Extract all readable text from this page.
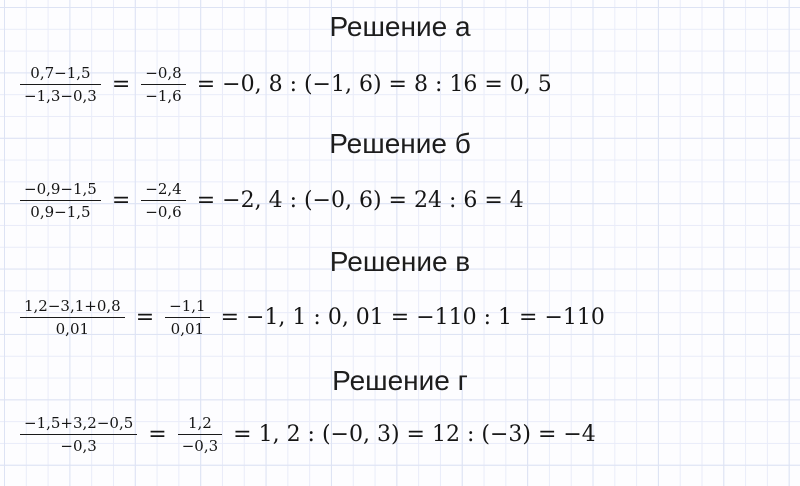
Решение а
$\frac{0,7-1,5}{-1,3-0,3} = \frac{-0,8}{-1,6} = -0$, 8 : (−1, 6) = 8 : 16 = 0, 5
Решение б
$\frac{-0,9-1,5}{0,9-1,5} = \frac{-2,4}{-0,6} = -2$, 4 : (−0, 6) = 24 : 6 = 4
Решение в
$\frac{1,2-3,1+0,8}{0,01} = \frac{-1,1}{0,01} = -1$, 1 : 0, 01 = −110 : 1 = −110
Решение г
$\frac{-1,5+3,2-0,5}{-0,3} = \frac{1,2}{-0,3} = 1$, 2 : (−0, 3) = 12 : (−3) = −4
